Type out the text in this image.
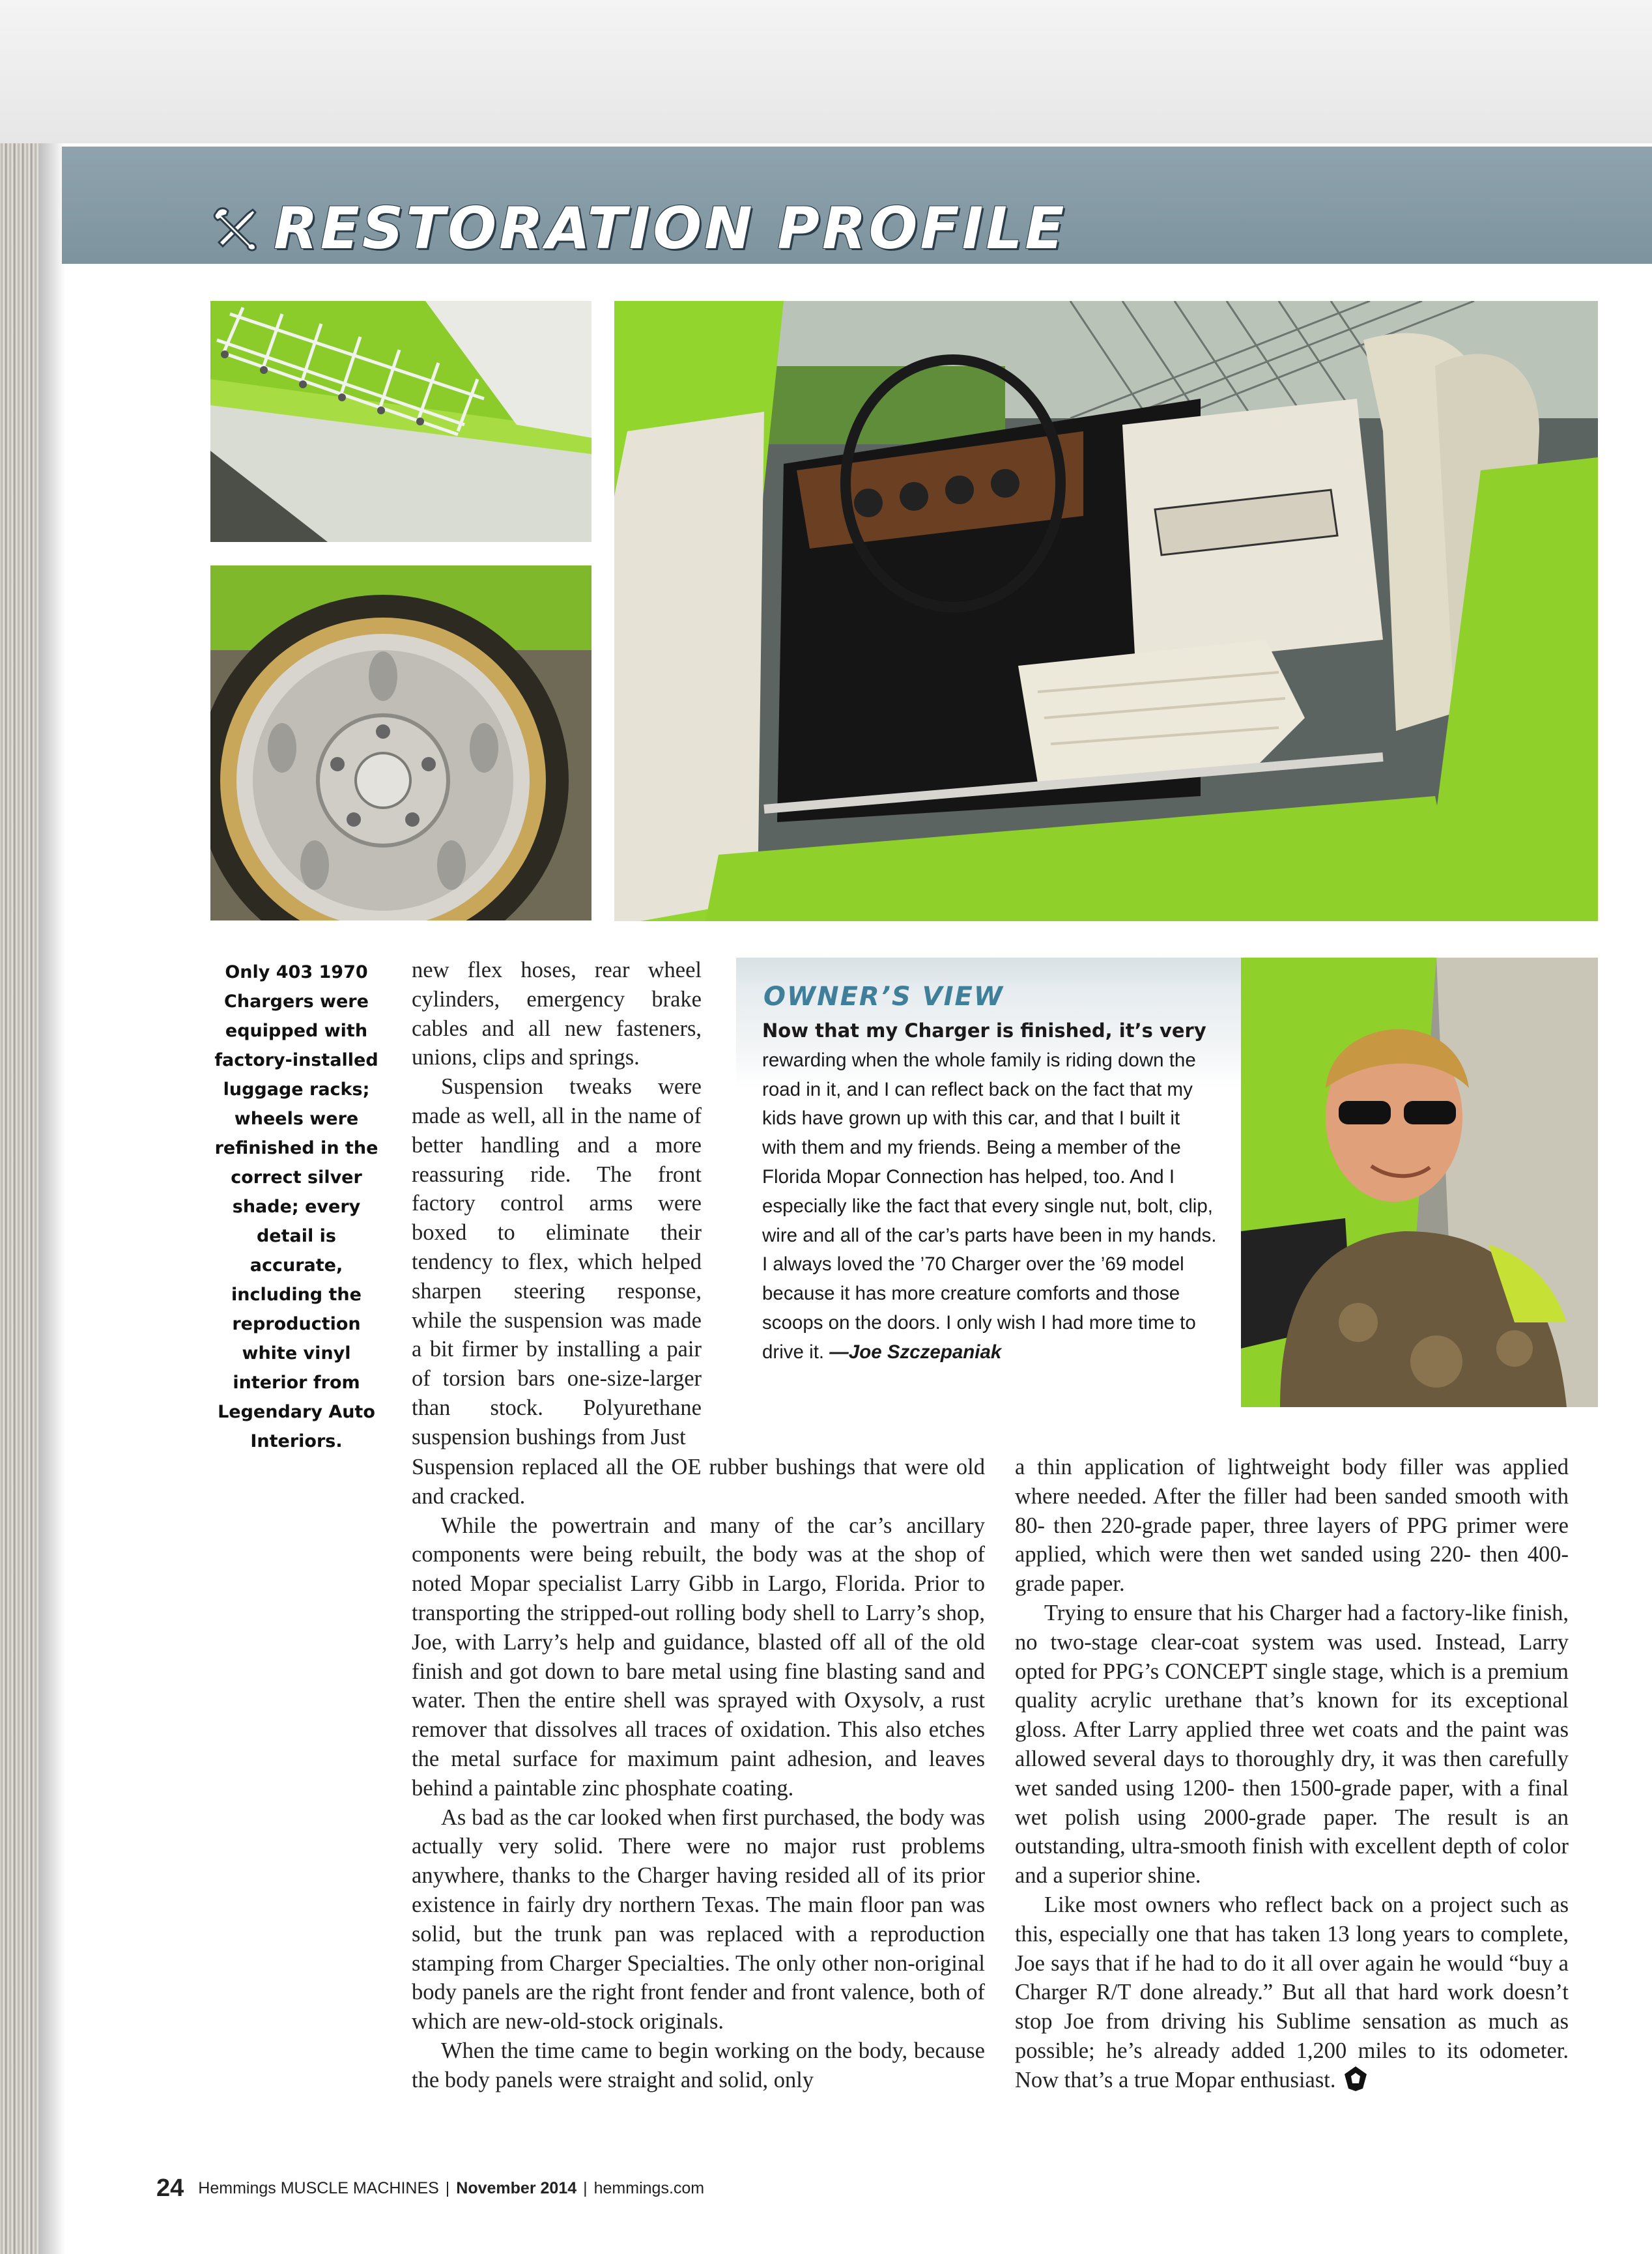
RESTORATION PROFILE
Only 403 1970 Chargers were equipped with factory-installed luggage racks; wheels were refinished in the correct silver shade; every detail is accurate, including the reproduction white vinyl interior from Legendary Auto Interiors.
OWNER’S VIEW
Now that my Charger is finished, it’s very rewarding when the whole family is riding down the road in it, and I can reflect back on the fact that my kids have grown up with this car, and that I built it with them and my friends. Being a member of the Florida Mopar Connection has helped, too. And I especially like the fact that every single nut, bolt, clip, wire and all of the car’s parts have been in my hands. I always loved the ’70 Charger over the ’69 model because it has more creature comforts and those scoops on the doors. I only wish I had more time to drive it. —Joe Szczepaniak

new flex hoses, rear wheel cylinders, emergency brake cables and all new fasteners, unions, clips and springs.

Suspension tweaks were made as well, all in the name of better handling and a more reassuring ride. The front factory control arms were boxed to eliminate their tendency to flex, which helped sharpen steering response, while the suspension was made a bit firmer by installing a pair of torsion bars one-size-larger than stock. Polyurethane suspension bushings from Just

Suspension replaced all the OE rubber bushings that were old and cracked.

While the powertrain and many of the car’s ancillary components were being rebuilt, the body was at the shop of noted Mopar specialist Larry Gibb in Largo, Florida. Prior to transporting the stripped-out rolling body shell to Larry’s shop, Joe, with Larry’s help and guidance, blasted off all of the old finish and got down to bare metal using fine blasting sand and water. Then the entire shell was sprayed with Oxysolv, a rust remover that dissolves all traces of oxidation. This also etches the metal surface for maximum paint adhesion, and leaves behind a paintable zinc phosphate coating.

As bad as the car looked when first purchased, the body was actually very solid. There were no major rust problems anywhere, thanks to the Charger having resided all of its prior existence in fairly dry northern Texas. The main floor pan was solid, but the trunk pan was replaced with a reproduction stamping from Charger Specialties. The only other non-original body panels are the right front fender and front valence, both of which are new-old-stock originals.

When the time came to begin working on the body, because the body panels were straight and solid, only

a thin application of lightweight body filler was applied where needed. After the filler had been sanded smooth with 80- then 220-grade paper, three layers of PPG primer were applied, which were then wet sanded using 220- then 400-grade paper.

Trying to ensure that his Charger had a factory-like finish, no two-stage clear-coat system was used. Instead, Larry opted for PPG’s CONCEPT single stage, which is a premium quality acrylic urethane that’s known for its exceptional gloss. After Larry applied three wet coats and the paint was allowed several days to thoroughly dry, it was then carefully wet sanded using 1200- then 1500-grade paper, with a final wet polish using 2000-grade paper. The result is an outstanding, ultra-smooth finish with excellent depth of color and a superior shine.

Like most owners who reflect back on a project such as this, especially one that has taken 13 long years to complete, Joe says that if he had to do it all over again he would “buy a Charger R/T done already.” But all that hard work doesn’t stop Joe from driving his Sublime sensation as much as possible; he’s already added 1,200 miles to its odometer. Now that’s a true Mopar enthusiast.

24 Hemmings MUSCLE MACHINES | November 2014 | hemmings.com
